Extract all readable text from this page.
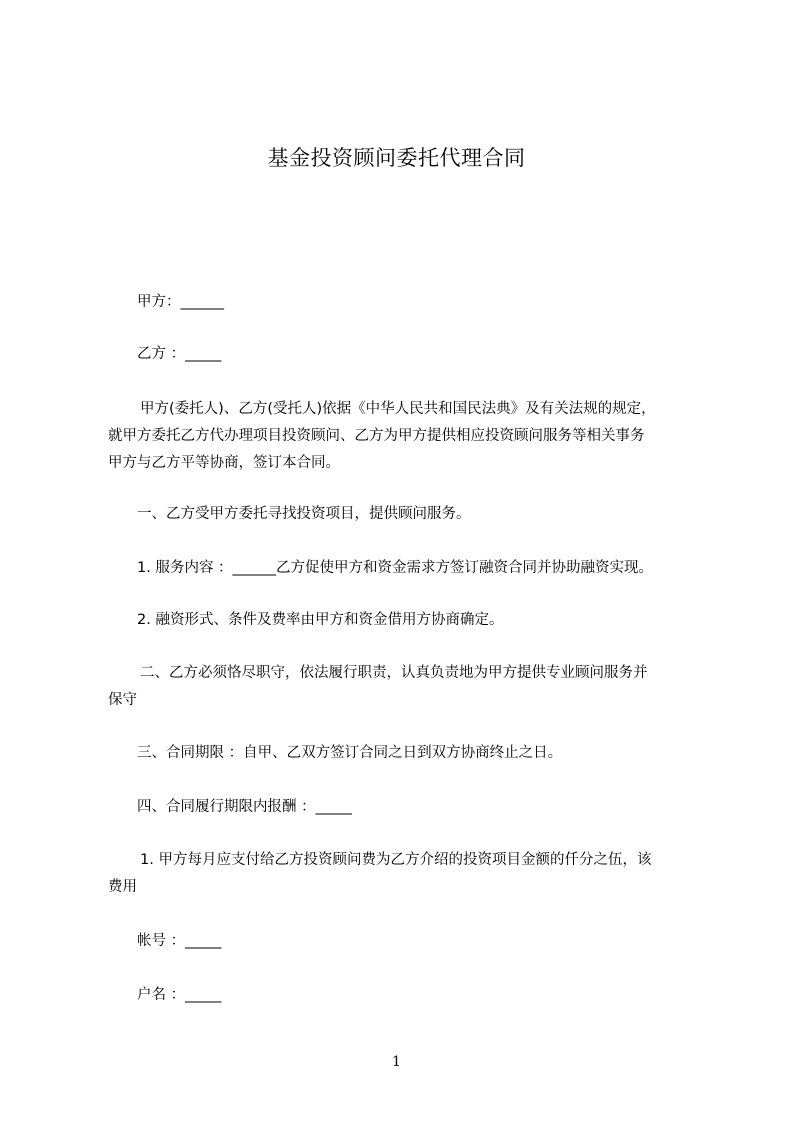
基金投资顾问委托代理合同
甲方：______
乙方 ：_____
甲方(委托人)、乙方(受托人)依据《中华人民共和国民法典》及有关法规的规定，
就甲方委托乙方代办理项目投资顾问、乙方为甲方提供相应投资顾问服务等相关事务
甲方与乙方平等协商，签订本合同。
一、乙方受甲方委托寻找投资项目，提供顾问服务。
1. 服务内容 ：______乙方促使甲方和资金需求方签订融资合同并协助融资实现。
2. 融资形式、条件及费率由甲方和资金借用方协商确定。
二、乙方必须恪尽职守，依法履行职责，认真负责地为甲方提供专业顾问服务并
保守
三、合同期限 ：自甲、乙双方签订合同之日到双方协商终止之日。
四、合同履行期限内报酬 ：_____
1. 甲方每月应支付给乙方投资顾问费为乙方介绍的投资项目金额的仟分之伍，该
费用
帐号 ：_____
户名 ：_____
1
